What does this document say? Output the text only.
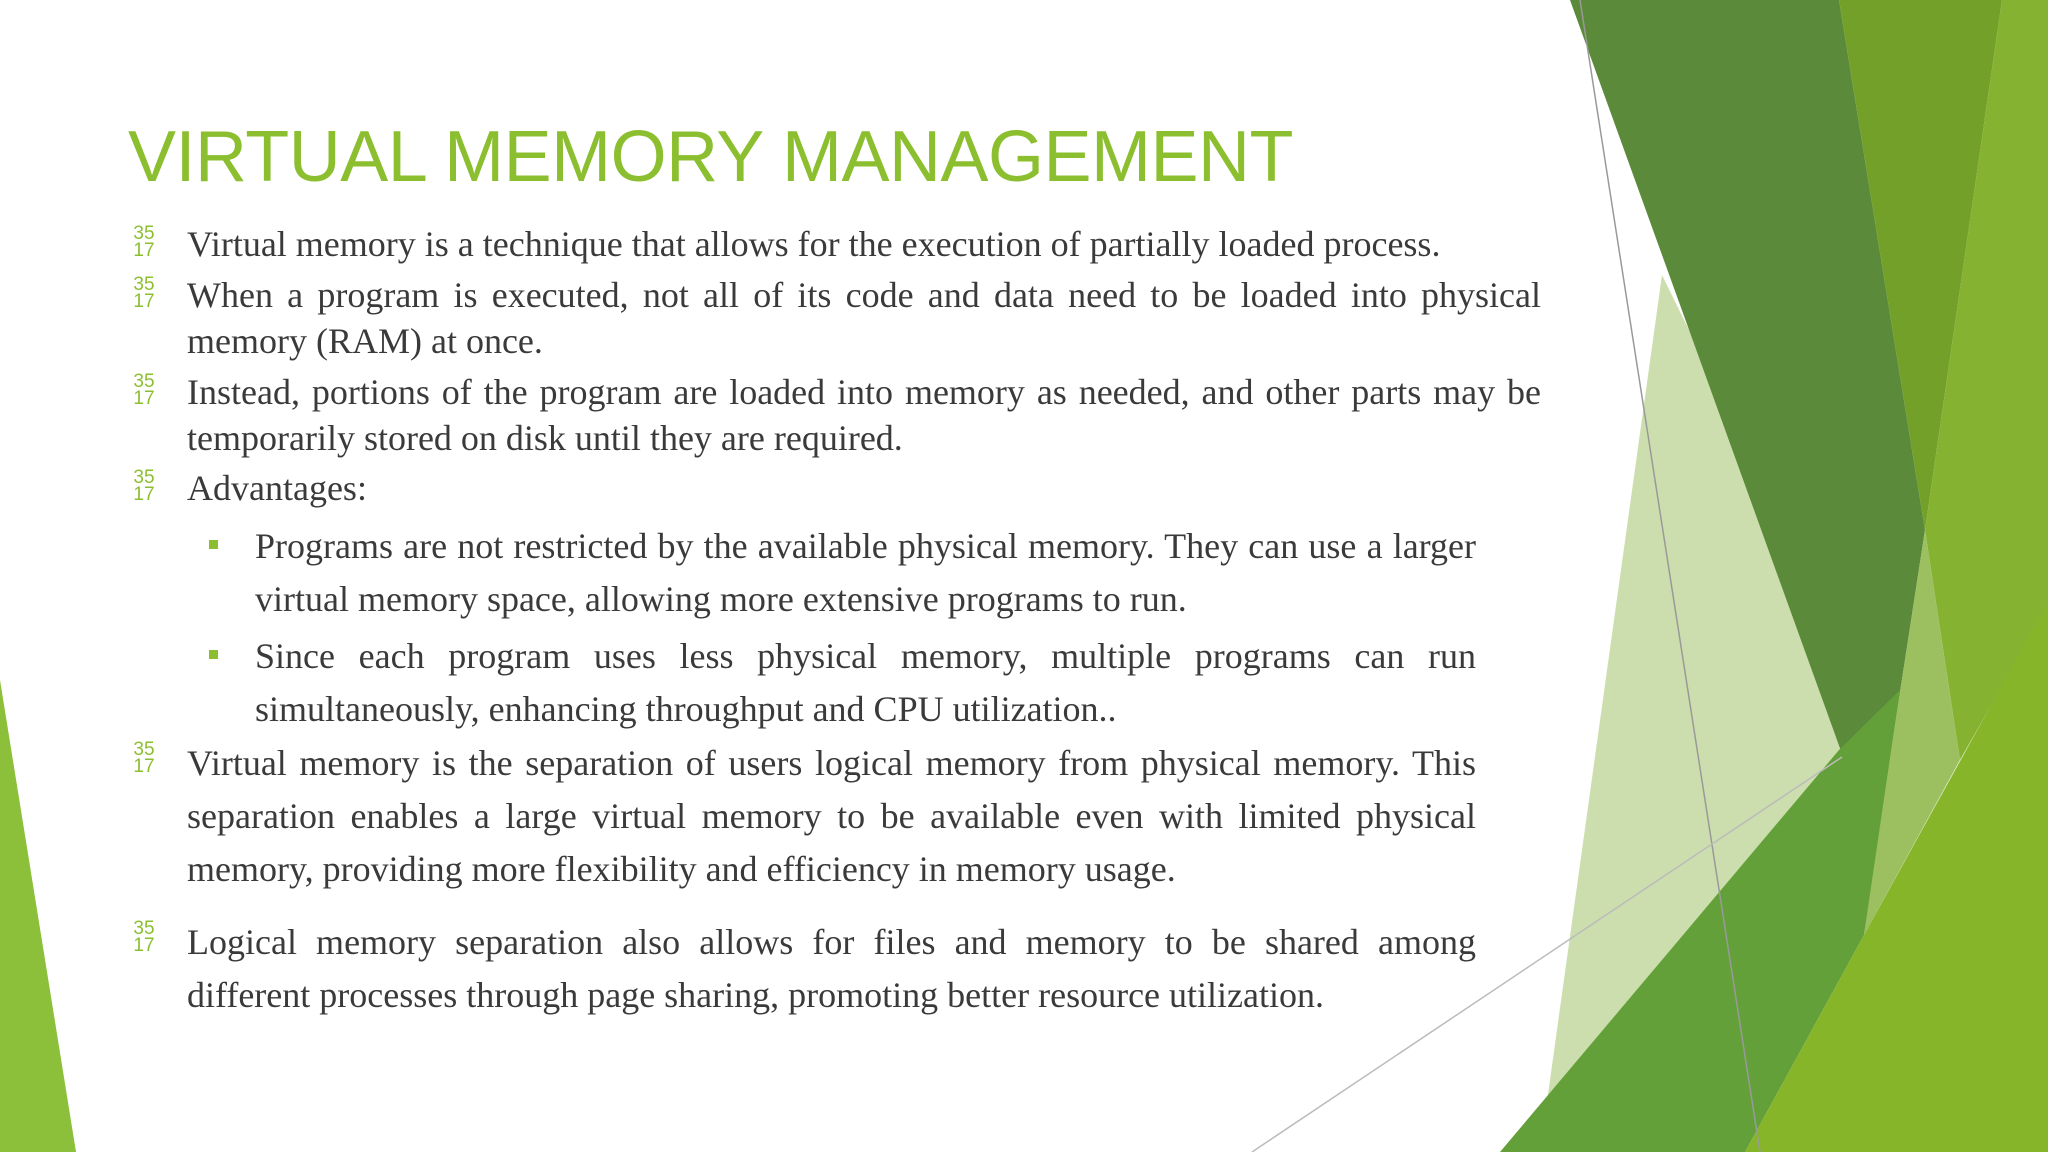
VIRTUAL MEMORY MANAGEMENT
35
17 Virtual memory is a technique that allows for the execution of partially loaded process.
35
17 When a program is executed, not all of its code and data need to be loaded into physical memory (RAM) at once.
35
17 Instead, portions of the program are loaded into memory as needed, and other parts may be temporarily stored on disk until they are required.
35
17 Advantages:
Programs are not restricted by the available physical memory. They can use a larger virtual memory space, allowing more extensive programs to run.
Since each program uses less physical memory, multiple programs can run simultaneously, enhancing throughput and CPU utilization..
35
17 Virtual memory is the separation of users logical memory from physical memory. This separation enables a large virtual memory to be available even with limited physical memory, providing more flexibility and efficiency in memory usage.
35
17 Logical memory separation also allows for files and memory to be shared among different processes through page sharing, promoting better resource utilization.
